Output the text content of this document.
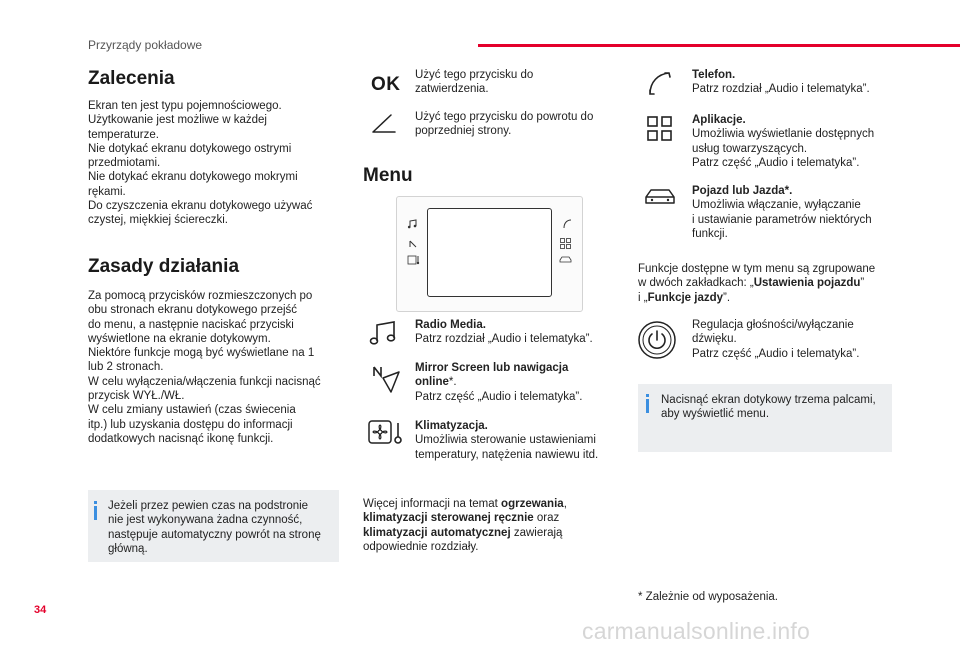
Przyrządy pokładowe
Zalecenia
Ekran ten jest typu pojemnościowego.
Użytkowanie jest możliwe w każdej
temperaturze.
Nie dotykać ekranu dotykowego ostrymi
przedmiotami.
Nie dotykać ekranu dotykowego mokrymi
rękami.
Do czyszczenia ekranu dotykowego używać
czystej, miękkiej ściereczki.
Zasady działania
Za pomocą przycisków rozmieszczonych po
obu stronach ekranu dotykowego przejść
do menu, a następnie naciskać przyciski
wyświetlone na ekranie dotykowym.
Niektóre funkcje mogą być wyświetlane na 1
lub 2 stronach.
W celu wyłączenia/włączenia funkcji nacisnąć
przycisk WYŁ./WŁ.
W celu zmiany ustawień (czas świecenia
itp.) lub uzyskania dostępu do informacji
dodatkowych nacisnąć ikonę funkcji.
Jeżeli przez pewien czas na podstronie
nie jest wykonywana żadna czynność,
następuje automatyczny powrót na stronę
główną.
OK Użyć tego przycisku do
zatwierdzenia.
Użyć tego przycisku do powrotu do
poprzedniej strony.
Menu
Radio Media.
Patrz rozdział „Audio i telematyka”.
Mirror Screen lub nawigacja
online*.
Patrz część „Audio i telematyka”.
Klimatyzacja.
Umożliwia sterowanie ustawieniami
temperatury, natężenia nawiewu itd.
Więcej informacji na temat ogrzewania,
klimatyzacji sterowanej ręcznie oraz
klimatyzacji automatycznej zawierają
odpowiednie rozdziały.
Telefon.
Patrz rozdział „Audio i telematyka”.
Aplikacje.
Umożliwia wyświetlanie dostępnych
usług towarzyszących.
Patrz część „Audio i telematyka”.
Pojazd lub Jazda*.
Umożliwia włączanie, wyłączanie
i ustawianie parametrów niektórych
funkcji.
Funkcje dostępne w tym menu są zgrupowane
w dwóch zakładkach: „Ustawienia pojazdu”
i „Funkcje jazdy”.
Regulacja głośności/wyłączanie
dźwięku.
Patrz część „Audio i telematyka”.
Nacisnąć ekran dotykowy trzema palcami,
aby wyświetlić menu.
* Zależnie od wyposażenia.
34
carmanualsonline.info
